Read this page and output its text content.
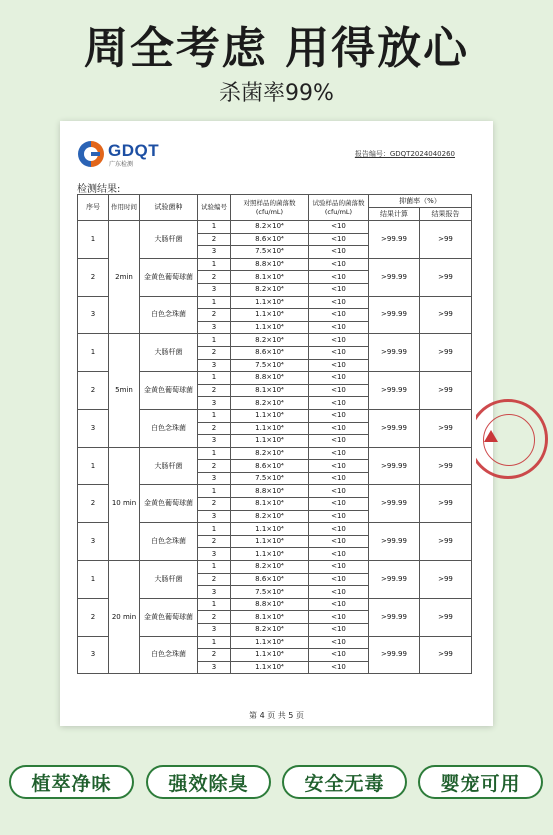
周全考虑 用得放心
杀菌率99%
GDQT
广东检测
报告编号：GDQT2024040260
检测结果:
序号	作用时间	试验菌种	试验编号	对照样品的菌落数(cfu/mL)	试验样品的菌落数(cfu/mL)	抑菌率（%）	
						结果计算	结果报告
1	2min	大肠杆菌	1	8.2×10⁴	<10	>99.99	>99
			2	8.6×10⁴	<10		
			3	7.5×10⁴	<10		
2		金黄色葡萄球菌	1	8.8×10⁴	<10	>99.99	>99
			2	8.1×10⁴	<10		
			3	8.2×10⁴	<10		
3		白色念珠菌	1	1.1×10⁴	<10	>99.99	>99
			2	1.1×10⁴	<10		
			3	1.1×10⁴	<10		
1	5min	大肠杆菌	1	8.2×10⁴	<10	>99.99	>99
			2	8.6×10⁴	<10		
			3	7.5×10⁴	<10		
2		金黄色葡萄球菌	1	8.8×10⁴	<10	>99.99	>99
			2	8.1×10⁴	<10		
			3	8.2×10⁴	<10		
3		白色念珠菌	1	1.1×10⁴	<10	>99.99	>99
			2	1.1×10⁴	<10		
			3	1.1×10⁴	<10		
1	10 min	大肠杆菌	1	8.2×10⁴	<10	>99.99	>99
			2	8.6×10⁴	<10		
			3	7.5×10⁴	<10		
2		金黄色葡萄球菌	1	8.8×10⁴	<10	>99.99	>99
			2	8.1×10⁴	<10		
			3	8.2×10⁴	<10		
3		白色念珠菌	1	1.1×10⁴	<10	>99.99	>99
			2	1.1×10⁴	<10		
			3	1.1×10⁴	<10		
1	20 min	大肠杆菌	1	8.2×10⁴	<10	>99.99	>99
			2	8.6×10⁴	<10		
			3	7.5×10⁴	<10		
2		金黄色葡萄球菌	1	8.8×10⁴	<10	>99.99	>99
			2	8.1×10⁴	<10		
			3	8.2×10⁴	<10		
3		白色念珠菌	1	1.1×10⁴	<10	>99.99	>99
			2	1.1×10⁴	<10		
			3	1.1×10⁴	<10		
第 4 页 共 5 页
植萃净味	强效除臭	安全无毒	婴宠可用
